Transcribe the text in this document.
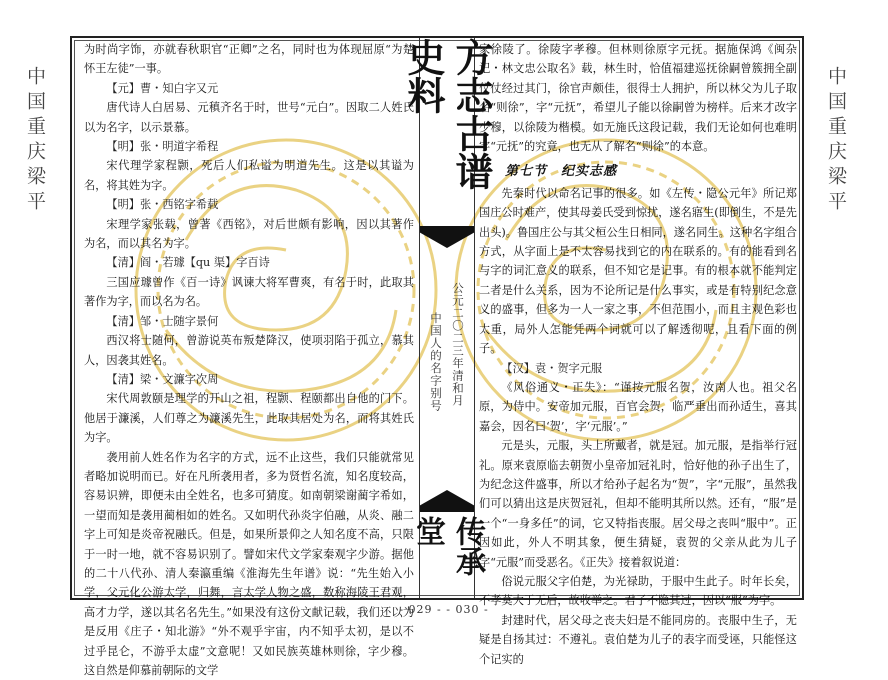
中国重庆梁平	中国重庆梁平

为时尚字饰，亦就春秋职官“正卿”之名，同时也为体现屈原“为楚怀王左徒”一事。

【元】曹・知白字又元

唐代诗人白居易、元稹齐名于时，世号“元白”。因取二人姓氏以为名字，以示景慕。

【明】张・明道字希程

宋代理学家程颢，死后人们私谥为明道先生。这是以其谥为名，将其姓为字。

【明】张・西铭字希载

宋理学家张载，曾著《西铭》，对后世颇有影响，因以其著作为名，而以其名为字。

【清】阎・若璩【qu 渠】字百诗

三国应璩曾作《百一诗》讽谏大将军曹爽，有名于时，此取其著作为字，而以名为名。

【清】邹・士随字景何

西汉将士随何，曾游说英布叛楚降汉，使项羽陷于孤立，慕其人，因袭其姓名。

【清】梁・文濂字次周

宋代周敦颐是理学的开山之祖，程颢、程颐都出自他的门下。他居于濂溪，人们尊之为濂溪先生，此取其居处为名，而将其姓氏为字。

袭用前人姓名作为名字的方式，远不止这些，我们只能就常见者略加说明而已。好在凡所袭用者，多为贤哲名流，知名度较高，容易识辨，即便未由全姓名，也多可猜度。如南朝梁谢蔺字希如，一望而知是袭用蔺相如的姓名。又如明代孙炎字伯融，从炎、融二字上可知是炎帝祝融氏。但是，如果所景仰之人知名度不高，只限于一时一地，就不容易识别了。譬如宋代文学家秦观字少游。据他的二十八代孙、清人秦瀛重编《淮海先生年谱》说：“先生始入小学，父元化公游太学，归舞，言太学人物之盛，数称海陵王君观，高才力学，遂以其名名先生。”如果没有这份文献记载，我们还以为是反用《庄子・知北游》“外不观乎宇宙，内不知乎太初，是以不过乎昆仑，不游乎太虚”文意呢！又如民族英雄林则徐，字少穆。这自然是仰慕前朝际的文学

方志古谱史料
公元二〇二三年清和月
中国人的名字别号
传承堂

家徐陵了。徐陵字孝穆。但林则徐原字元抚。据施保鸿《闽杂记・林文忠公取名》载，林生时，恰值福建巡抚徐嗣曾簇拥全副仪仗经过其门，徐官声颇佳，很得士人拥护，所以林父为儿子取名“则徐”，字“元抚”，希望儿子能以徐嗣曾为榜样。后来才改字少穆，以徐陵为楷模。如无施氏这段记载，我们无论如何也难明字“元抚”的究竟，也无从了解名“则徐”的本意。

第七节　纪实志感

先秦时代以命名记事的很多。如《左传・隐公元年》所记郑国庄公时难产，使其母姜氏受到惊扰，遂名寤生(即倒生，不是先出头)。鲁国庄公与其父桓公生日相同，遂名同生。这种名字组合方式，从字面上是不太容易找到它的内在联系的。有的能看到名与字的词汇意义的联系，但不知它是记事。有的根本就不能判定二者是什么关系，因为不论所记是什么事实，或是有特别纪念意义的盛事，但多为一人一家之事，不但范围小，而且主观色彩也太重，局外人怎能凭两个词就可以了解透彻呢，且看下面的例子。

【汉】袁・贺字元服

《风俗通义・正失》：“谨按元服名贺，汝南人也。祖父名原，为侍中。安帝加元服，百官会贺，临严垂出而孙适生，喜其嘉会，因名曰‘贺’，字‘元服’。”

元是头，元服，头上所戴者，就是冠。加元服，是指举行冠礼。原来袁原临去朝贺小皇帝加冠礼时，恰好他的孙子出生了，为纪念这件盛事，所以才给孙子起名为“贺”，字“元服”，虽然我们可以猜出这是庆贺冠礼，但却不能明其所以然。还有，“服”是一个“一身多任”的词，它又特指丧服。居父母之丧叫“服中”。正因如此，外人不明其象，便生猜疑，袁贺的父亲从此为儿子字“元服”而受恶名。《正失》接着叙说道：

俗说元服父字伯楚，为光禄助，于服中生此子。时年长矣，不孝莫大于无后，故收举之。君子不隐其过，因以“服”为字。

封建时代，居父母之丧夫妇是不能同房的。丧服中生子，无疑是自扬其过：不遵礼。袁伯楚为儿子的表字而受诬，只能怪这个记实的

- 029 - - 030 -
